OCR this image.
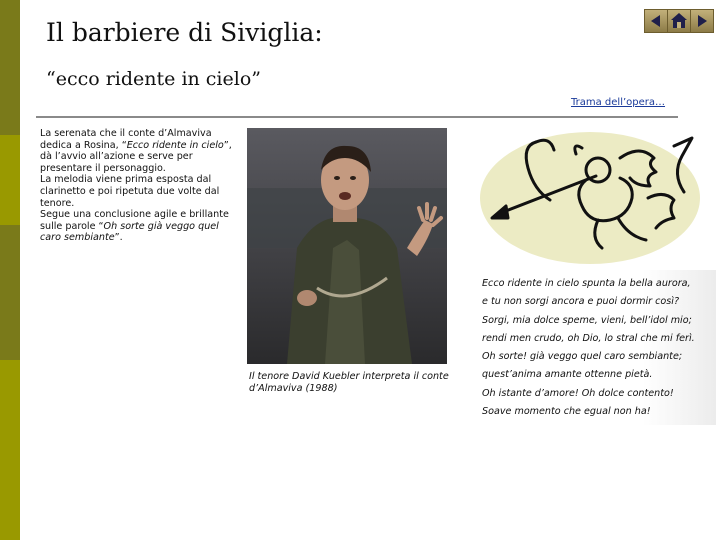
Il barbiere di Siviglia:
“ecco ridente in cielo”
Trama dell’opera…
La serenata che il conte d’Almaviva dedica a Rosina, “Ecco ridente in cielo”, dà l’avvio all’azione e serve per presentare il personaggio.
La melodia viene prima esposta dal clarinetto e poi ripetuta due volte dal tenore.
Segue una conclusione agile e brillante sulle parole “Oh sorte già veggo quel caro sembiante”.
Il tenore David Kuebler interpreta il conte d’Almaviva (1988)
Ecco ridente in cielo spunta la bella aurora,
e tu non sorgi ancora e puoi dormir così?
Sorgi, mia dolce speme, vieni, bell’idol mio;
rendi men crudo, oh Dio, lo stral che mi ferì.
Oh sorte! già veggo quel caro sembiante;
quest’anima amante ottenne pietà.
Oh istante d’amore! Oh dolce contento!
Soave momento che egual non ha!
